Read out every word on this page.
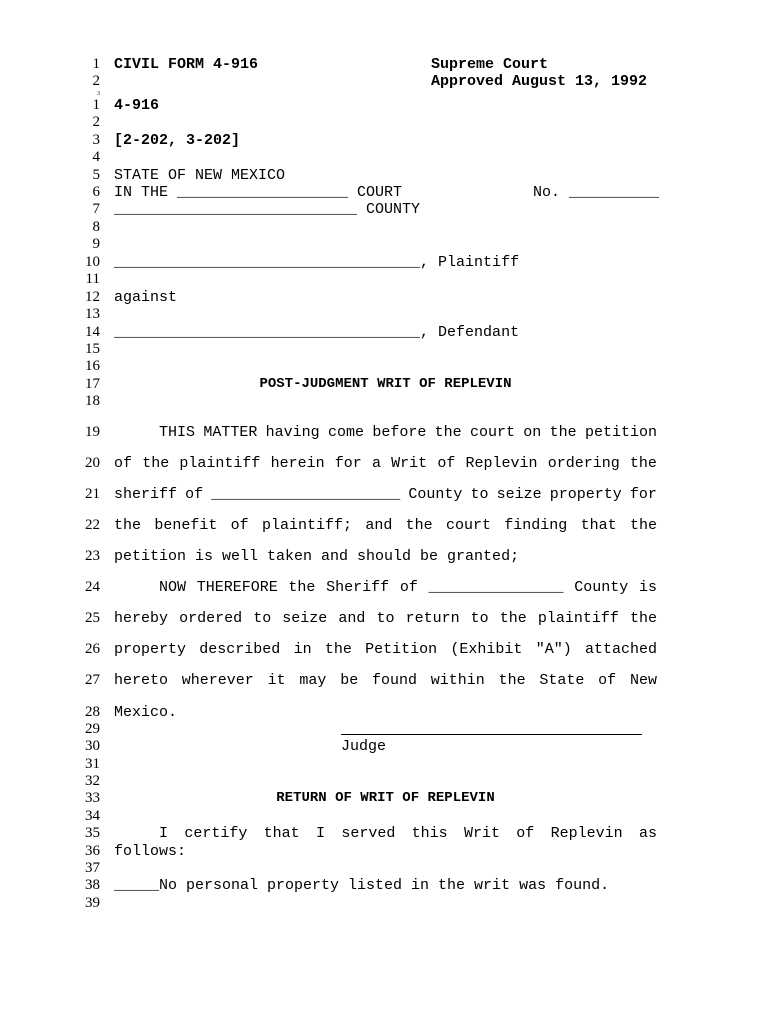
1 CIVIL FORM 4-916	Supreme Court
2	Approved August 13, 1992
3
1 4-916
2
3 [2-202, 3-202]
4
5 STATE OF NEW MEXICO
6 IN THE ___________________ COURT	No. __________
7 ___________________________ COUNTY
8
9
10 __________________________________, Plaintiff
11
12 against
13
14 __________________________________, Defendant
15
16
17	POST-JUDGMENT WRIT OF REPLEVIN
18
19 THIS MATTER having come before the court on the petition
20 of the plaintiff herein for a Writ of Replevin ordering the
21 sheriff of _____________________ County to seize property for
22 the benefit of plaintiff; and the court finding that the
23 petition is well taken and should be granted;
24 NOW THEREFORE the Sheriff of _______________ County is
25 hereby ordered to seize and to return to the plaintiff the
26 property described in the Petition (Exhibit "A") attached
27 hereto wherever it may be found within the State of New
28 Mexico.
29
30	Judge
31
32
33	RETURN OF WRIT OF REPLEVIN
34
35 I certify that I served this Writ of Replevin as
36 follows:
37
38 _____No personal property listed in the writ was found.
39
